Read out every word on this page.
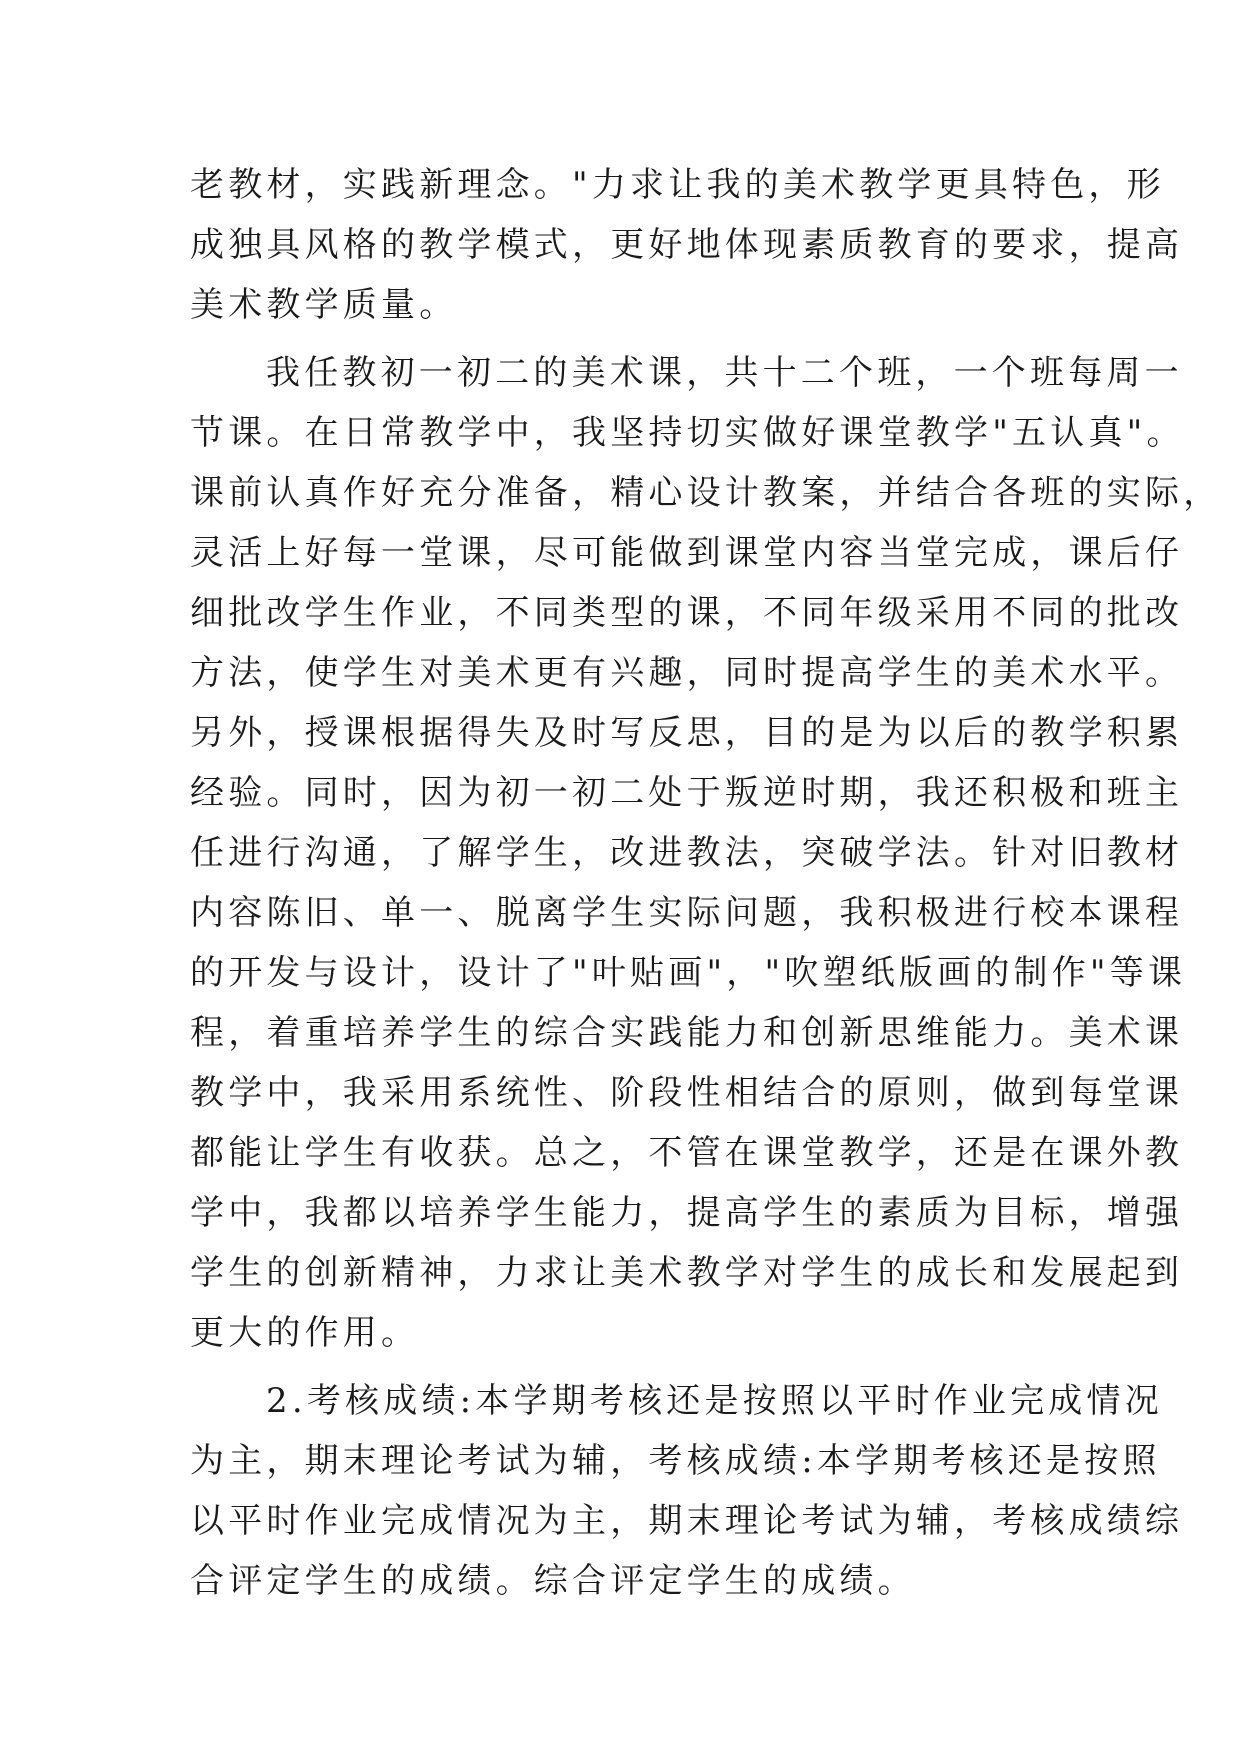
老教材，实践新理念。"力求让我的美术教学更具特色，形
成独具风格的教学模式，更好地体现素质教育的要求，提高
美术教学质量。
我任教初一初二的美术课，共十二个班，一个班每周一
节课。在日常教学中，我坚持切实做好课堂教学"五认真"。
课前认真作好充分准备，精心设计教案，并结合各班的实际，
灵活上好每一堂课，尽可能做到课堂内容当堂完成，课后仔
细批改学生作业，不同类型的课，不同年级采用不同的批改
方法，使学生对美术更有兴趣，同时提高学生的美术水平。
另外，授课根据得失及时写反思，目的是为以后的教学积累
经验。同时，因为初一初二处于叛逆时期，我还积极和班主
任进行沟通，了解学生，改进教法，突破学法。针对旧教材
内容陈旧、单一、脱离学生实际问题，我积极进行校本课程
的开发与设计，设计了"叶贴画"，"吹塑纸版画的制作"等课
程，着重培养学生的综合实践能力和创新思维能力。美术课
教学中，我采用系统性、阶段性相结合的原则，做到每堂课
都能让学生有收获。总之，不管在课堂教学，还是在课外教
学中，我都以培养学生能力，提高学生的素质为目标，增强
学生的创新精神，力求让美术教学对学生的成长和发展起到
更大的作用。
2.考核成绩:本学期考核还是按照以平时作业完成情况
为主，期末理论考试为辅，考核成绩:本学期考核还是按照
以平时作业完成情况为主，期末理论考试为辅，考核成绩综
合评定学生的成绩。综合评定学生的成绩。
